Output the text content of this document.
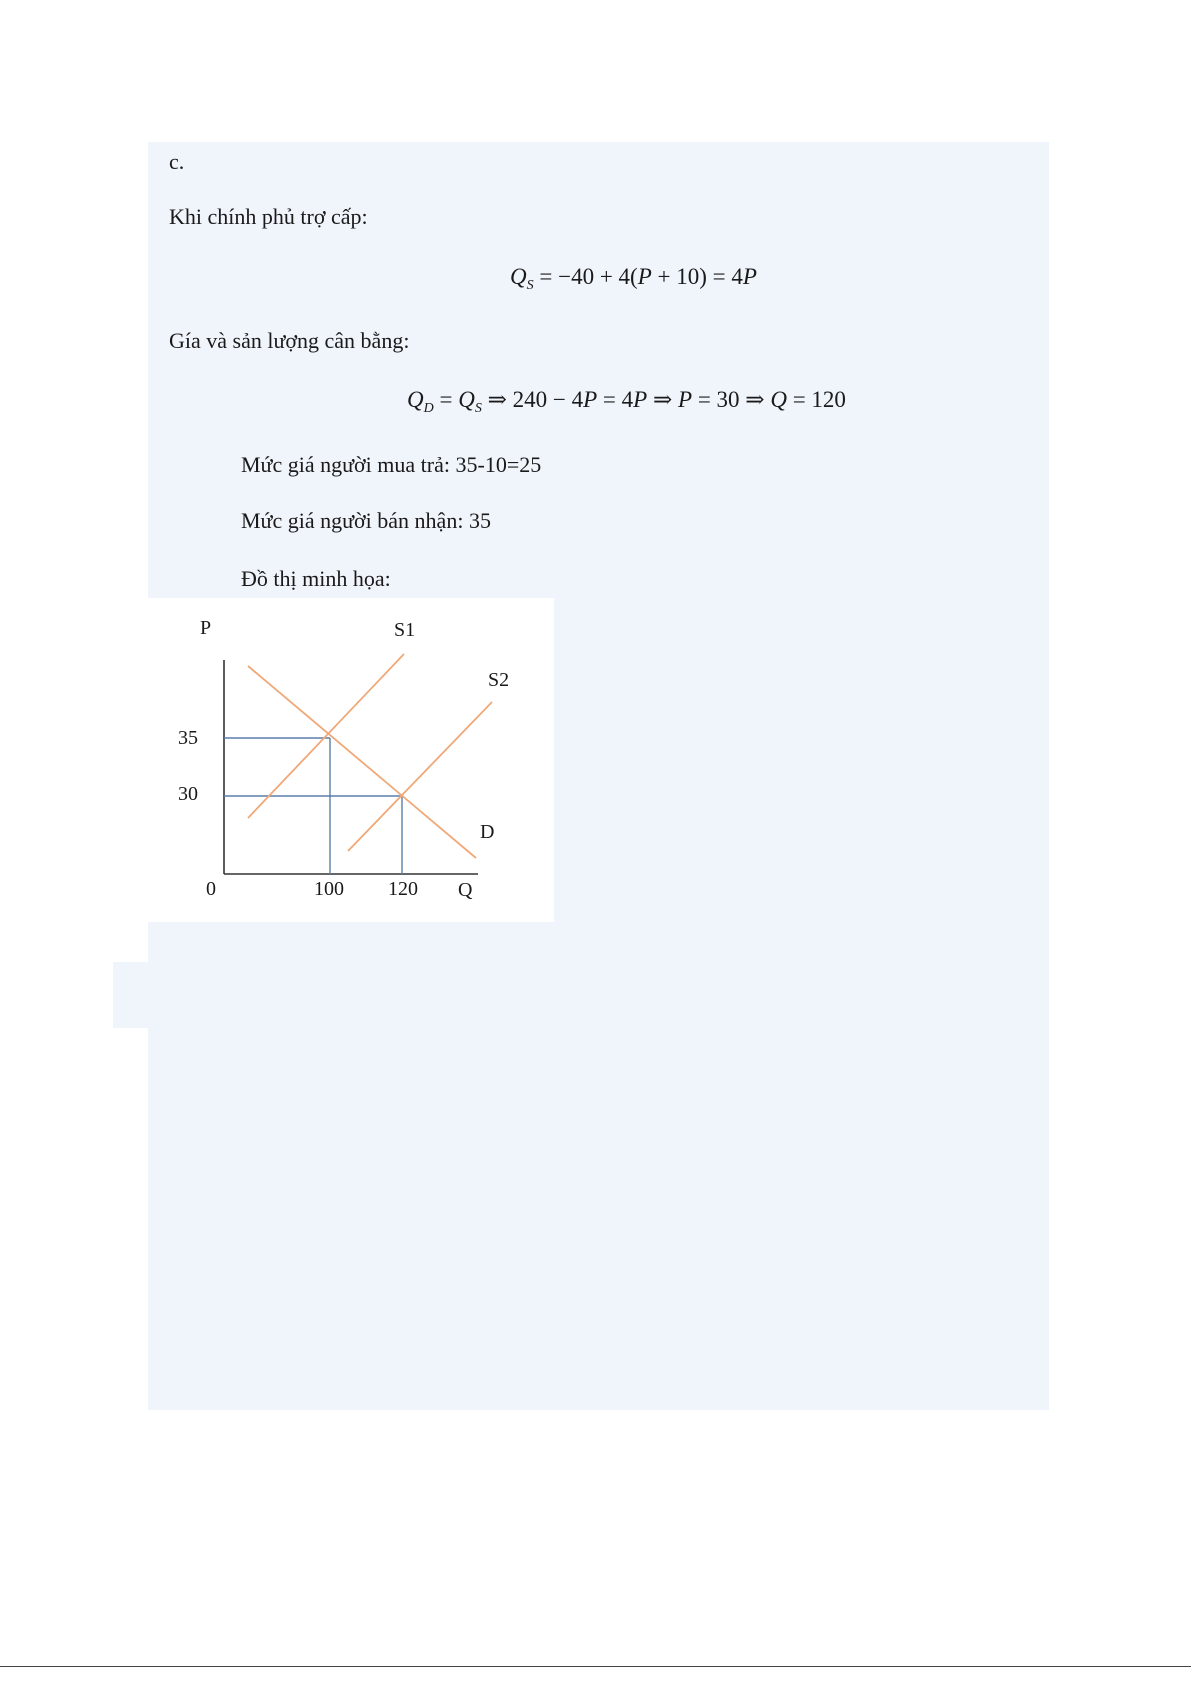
c.

Khi chính phủ trợ cấp:

$Q_S = -40 + 4(P + 10) = 4P$

Gía và sản lượng cân bằng:

$Q_D = Q_S$ ⇒ 240 − 4P = 4P ⇒ P = 30 ⇒ Q = 120

Mức giá người mua trả: 35-10=25

Mức giá người bán nhận: 35

Đồ thị minh họa:

P
Q
0
35
30
100 120
S1
S2
D
